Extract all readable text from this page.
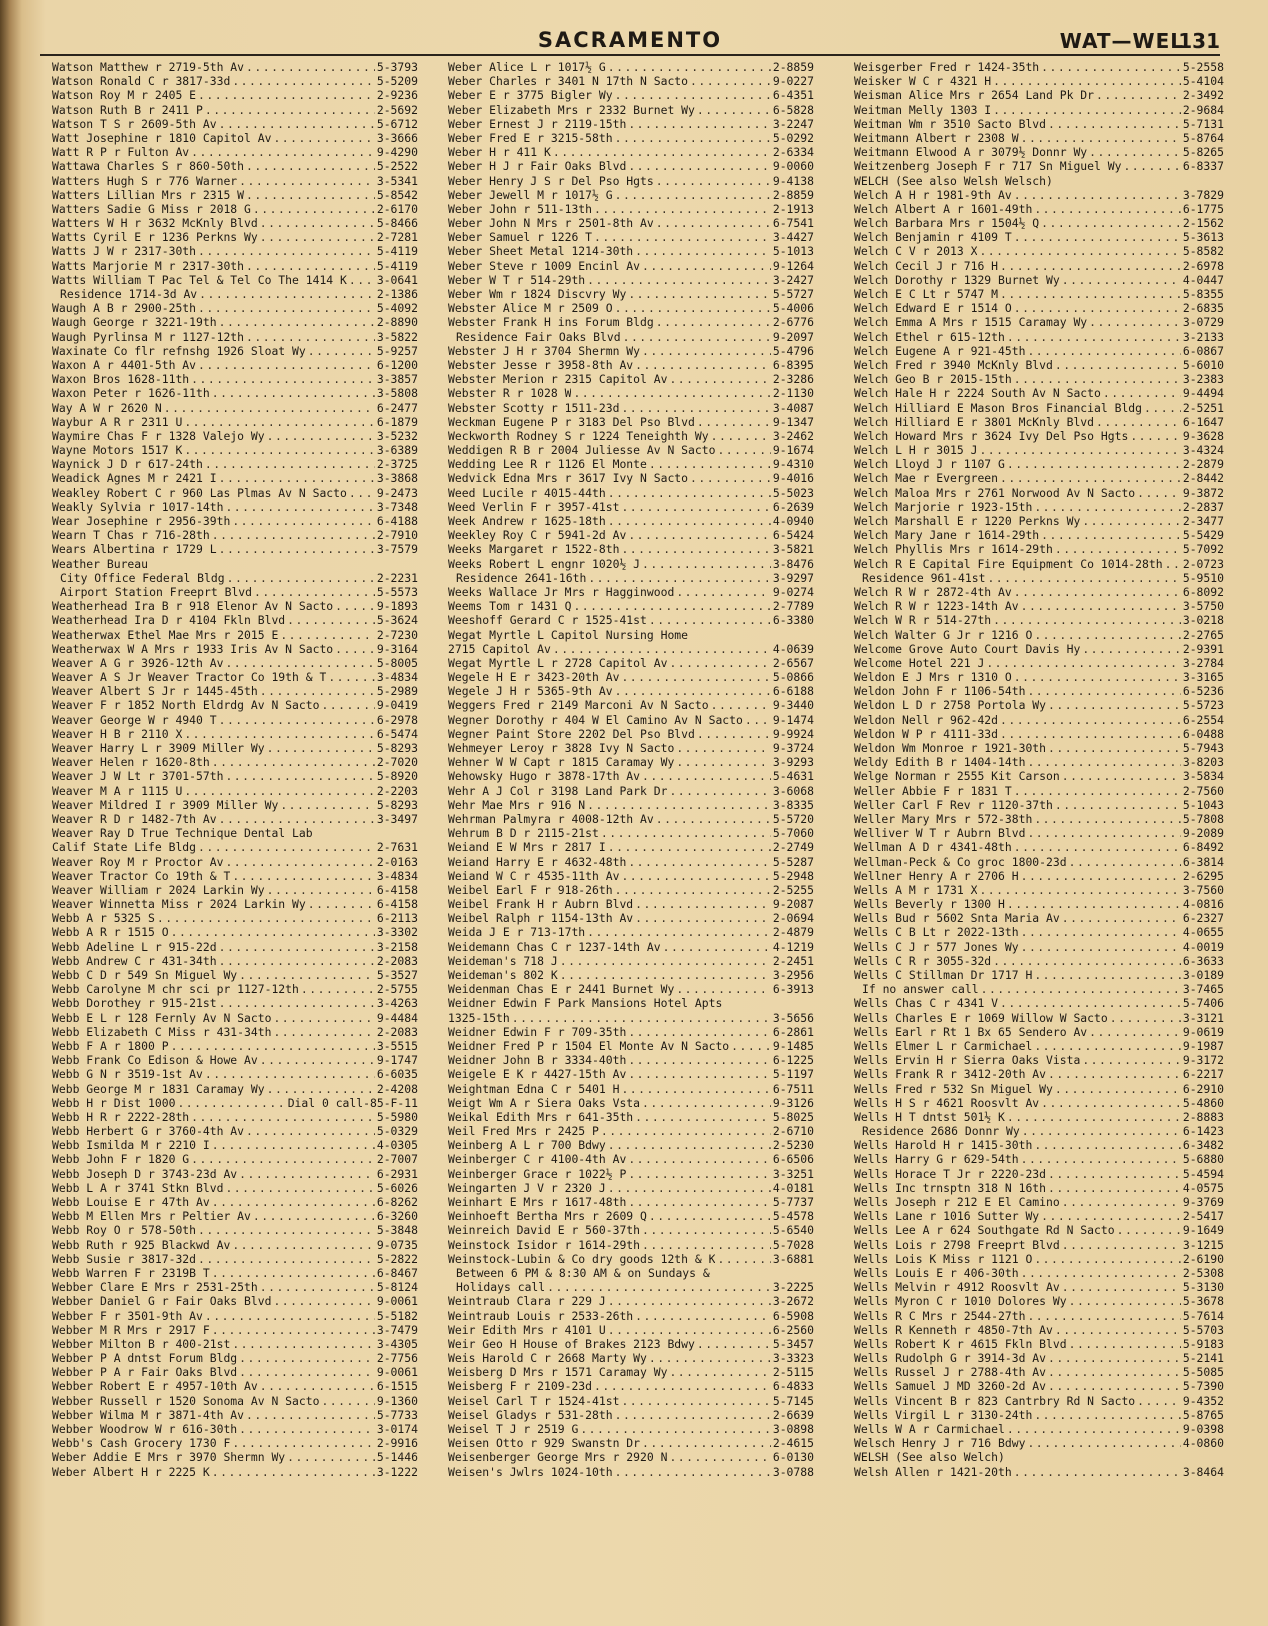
SACRAMENTO	WAT—WEL
131
Watson Matthew r 2719-5th Av .....	5-3793
Watson Ronald C r 3817-33d .....	5-5209
Watson Roy M r 2405 E .....	2-9236
Watson Ruth B r 2411 P .....	2-5692
Watson T S r 2609-5th Av .....	5-6712
Watt Josephine r 1810 Capitol Av .....	3-3666
Watt R P r Fulton Av .....	9-4290
Wattawa Charles S r 860-50th .....	5-2522
Watters Hugh S r 776 Warner .....	3-5341
Watters Lillian Mrs r 2315 W .....	5-8542
Watters Sadie G Miss r 2018 G .....	2-6170
Watters W H r 3632 McKnly Blvd .....	5-8466
Watts Cyril E r 1236 Perkns Wy .....	2-7281
Watts J W r 2317-30th .....	5-4119
Watts Marjorie M r 2317-30th .....	5-4119
Watts William T Pac Tel & Tel Co The 1414 K .....	3-0641
Residence 1714-3d Av .....	2-1386
Waugh A B r 2900-25th .....	5-4092
Waugh George r 3221-19th .....	2-8890
Waugh Pyrlinsa M r 1127-12th .....	3-5822
Waxinate Co flr refnshg 1926 Sloat Wy .....	5-9257
Waxon A r 4401-5th Av .....	6-1200
Waxon Bros 1628-11th .....	3-3857
Waxon Peter r 1626-11th .....	3-5808
Way A W r 2620 N .....	6-2477
Waybur A R r 2311 U .....	6-1879
Waymire Chas F r 1328 Valejo Wy .....	3-5232
Wayne Motors 1517 K .....	3-6389
Waynick J D r 617-24th .....	2-3725
Weadick Agnes M r 2421 I .....	3-3868
Weakley Robert C r 960 Las Plmas Av N Sacto .....	9-2473
Weakly Sylvia r 1017-14th .....	3-7348
Wear Josephine r 2956-39th .....	6-4188
Wearn T Chas r 716-28th .....	2-7910
Wears Albertina r 1729 L .....	3-7579
Weather Bureau
City Office Federal Bldg .....	2-2231
Airport Station Freeprt Blvd .....	5-5573
Weatherhead Ira B r 918 Elenor Av N Sacto .....	9-1893
Weatherhead Ira D r 4104 Fkln Blvd .....	5-3624
Weatherwax Ethel Mae Mrs r 2015 E .....	2-7230
Weatherwax W A Mrs r 1933 Iris Av N Sacto .....	9-3164
Weaver A G r 3926-12th Av .....	5-8005
Weaver A S Jr Weaver Tractor Co 19th & T .....	3-4834
Weaver Albert S Jr r 1445-45th .....	5-2989
Weaver F r 1852 North Eldrdg Av N Sacto .....	9-0419
Weaver George W r 4940 T .....	6-2978
Weaver H B r 2110 X .....	6-5474
Weaver Harry L r 3909 Miller Wy .....	5-8293
Weaver Helen r 1620-8th .....	2-7020
Weaver J W Lt r 3701-57th .....	5-8920
Weaver M A r 1115 U .....	2-2203
Weaver Mildred I r 3909 Miller Wy .....	5-8293
Weaver R D r 1482-7th Av .....	3-3497
Weaver Ray D True Technique Dental Lab
Calif State Life Bldg .....	2-7631
Weaver Roy M r Proctor Av .....	2-0163
Weaver Tractor Co 19th & T .....	3-4834
Weaver William r 2024 Larkin Wy .....	6-4158
Weaver Winnetta Miss r 2024 Larkin Wy .....	6-4158
Webb A r 5325 S .....	6-2113
Webb A R r 1515 O .....	3-3302
Webb Adeline L r 915-22d .....	3-2158
Webb Andrew C r 431-34th .....	2-2083
Webb C D r 549 Sn Miguel Wy .....	5-3527
Webb Carolyne M chr sci pr 1127-12th .....	2-5755
Webb Dorothey r 915-21st .....	3-4263
Webb E L r 128 Fernly Av N Sacto .....	9-4484
Webb Elizabeth C Miss r 431-34th .....	2-2083
Webb F A r 1800 P .....	3-5515
Webb Frank Co Edison & Howe Av .....	9-1747
Webb G N r 3519-1st Av .....	6-6035
Webb George M r 1831 Caramay Wy .....	2-4208
Webb H r Dist 1000 .....	Dial 0 call-85-F-11
Webb H R r 2222-28th .....	5-5980
Webb Herbert G r 3760-4th Av .....	5-0329
Webb Ismilda M r 2210 I .....	4-0305
Webb John F r 1820 G .....	2-7007
Webb Joseph D r 3743-23d Av .....	6-2931
Webb L A r 3741 Stkn Blvd .....	5-6026
Webb Louise E r 47th Av .....	6-8262
Webb M Ellen Mrs r Peltier Av .....	6-3260
Webb Roy O r 578-50th .....	5-3848
Webb Ruth r 925 Blackwd Av .....	9-0735
Webb Susie r 3817-32d .....	5-2822
Webb Warren F r 2319B T .....	6-8467
Webber Clare E Mrs r 2531-25th .....	5-8124
Webber Daniel G r Fair Oaks Blvd .....	9-0061
Webber F r 3501-9th Av .....	5-5182
Webber M R Mrs r 2917 F .....	3-7479
Webber Milton B r 400-21st .....	3-4305
Webber P A dntst Forum Bldg .....	2-7756
Webber P A r Fair Oaks Blvd .....	9-0061
Webber Robert E r 4957-10th Av .....	6-1515
Webber Russell r 1520 Sonoma Av N Sacto .....	9-1360
Webber Wilma M r 3871-4th Av .....	5-7733
Webber Woodrow W r 616-30th .....	3-0174
Webb's Cash Grocery 1730 F .....	2-9916
Weber Addie E Mrs r 3970 Shermn Wy .....	5-1446
Weber Albert H r 2225 K .....	3-1222
Weber Alice L r 1017½ G .....	2-8859
Weber Charles r 3401 N 17th N Sacto .....	9-0227
Weber E r 3775 Bigler Wy .....	6-4351
Weber Elizabeth Mrs r 2332 Burnet Wy .....	6-5828
Weber Ernest J r 2119-15th .....	3-2247
Weber Fred E r 3215-58th .....	5-0292
Weber H r 411 K .....	2-6334
Weber H J r Fair Oaks Blvd .....	9-0060
Weber Henry J S r Del Pso Hgts .....	9-4138
Weber Jewell M r 1017½ G .....	2-8859
Weber John r 511-13th .....	2-1913
Weber John N Mrs r 2501-8th Av .....	6-7541
Weber Samuel r 1226 T .....	3-4427
Weber Sheet Metal 1214-30th .....	5-1013
Weber Steve r 1009 Encinl Av .....	9-1264
Weber W T r 514-29th .....	3-2427
Weber Wm r 1824 Discvry Wy .....	5-5727
Webster Alice M r 2509 O .....	5-4006
Webster Frank H ins Forum Bldg .....	2-6776
Residence Fair Oaks Blvd .....	9-2097
Webster J H r 3704 Shermn Wy .....	5-4796
Webster Jesse r 3958-8th Av .....	6-8395
Webster Merion r 2315 Capitol Av .....	2-3286
Webster R r 1028 W .....	2-1130
Webster Scotty r 1511-23d .....	3-4087
Weckman Eugene P r 3183 Del Pso Blvd .....	9-1347
Weckworth Rodney S r 1224 Teneighth Wy .....	3-2462
Weddigen R B r 2004 Juliesse Av N Sacto .....	9-1674
Wedding Lee R r 1126 El Monte .....	9-4310
Wedvick Edna Mrs r 3617 Ivy N Sacto .....	9-4016
Weed Lucile r 4015-44th .....	5-5023
Weed Verlin F r 3957-41st .....	6-2639
Week Andrew r 1625-18th .....	4-0940
Weekley Roy C r 5941-2d Av .....	6-5424
Weeks Margaret r 1522-8th .....	3-5821
Weeks Robert L engnr 1020½ J .....	3-8476
Residence 2641-16th .....	3-9297
Weeks Wallace Jr Mrs r Hagginwood .....	9-0274
Weems Tom r 1431 Q .....	2-7789
Weeshoff Gerard C r 1525-41st .....	6-3380
Wegat Myrtle L Capitol Nursing Home
2715 Capitol Av .....	4-0639
Wegat Myrtle L r 2728 Capitol Av .....	2-6567
Wegele H E r 3423-20th Av .....	5-0866
Wegele J H r 5365-9th Av .....	6-6188
Weggers Fred r 2149 Marconi Av N Sacto .....	9-3440
Wegner Dorothy r 404 W El Camino Av N Sacto .....	9-1474
Wegner Paint Store 2202 Del Pso Blvd .....	9-9924
Wehmeyer Leroy r 3828 Ivy N Sacto .....	9-3724
Wehner W W Capt r 1815 Caramay Wy .....	3-9293
Wehowsky Hugo r 3878-17th Av .....	5-4631
Wehr A J Col r 3198 Land Park Dr .....	3-6068
Wehr Mae Mrs r 916 N .....	3-8335
Wehrman Palmyra r 4008-12th Av .....	5-5720
Wehrum B D r 2115-21st .....	5-7060
Weiand E W Mrs r 2817 I .....	2-2749
Weiand Harry E r 4632-48th .....	5-5287
Weiand W C r 4535-11th Av .....	5-2948
Weibel Earl F r 918-26th .....	2-5255
Weibel Frank H r Aubrn Blvd .....	9-2087
Weibel Ralph r 1154-13th Av .....	2-0694
Weida J E r 713-17th .....	2-4879
Weidemann Chas C r 1237-14th Av .....	4-1219
Weideman's 718 J .....	2-2451
Weideman's 802 K .....	3-2956
Weidenman Chas E r 2441 Burnet Wy .....	6-3913
Weidner Edwin F Park Mansions Hotel Apts
1325-15th .....	3-5656
Weidner Edwin F r 709-35th .....	6-2861
Weidner Fred P r 1504 El Monte Av N Sacto .....	9-1485
Weidner John B r 3334-40th .....	6-1225
Weigele E K r 4427-15th Av .....	5-1197
Weightman Edna C r 5401 H .....	6-7511
Weigt Wm A r Siera Oaks Vsta .....	9-3126
Weikal Edith Mrs r 641-35th .....	5-8025
Weil Fred Mrs r 2425 P .....	2-6710
Weinberg A L r 700 Bdwy .....	2-5230
Weinberger C r 4100-4th Av .....	6-6506
Weinberger Grace r 1022½ P .....	3-3251
Weingarten J V r 2320 J .....	4-0181
Weinhart E Mrs r 1617-48th .....	5-7737
Weinhoeft Bertha Mrs r 2609 Q .....	5-4578
Weinreich David E r 560-37th .....	5-6540
Weinstock Isidor r 1614-29th .....	5-7028
Weinstock-Lubin & Co dry goods 12th & K .....	3-6881
Between 6 PM & 8:30 AM & on Sundays &
Holidays call .....	3-2225
Weintraub Clara r 229 J .....	3-2672
Weintraub Louis r 2533-26th .....	6-5908
Weir Edith Mrs r 4101 U .....	6-2560
Weir Geo H House of Brakes 2123 Bdwy .....	5-3457
Weis Harold C r 2668 Marty Wy .....	3-3323
Weisberg D Mrs r 1571 Caramay Wy .....	2-5115
Weisberg F r 2109-23d .....	6-4833
Weisel Carl T r 1524-41st .....	5-7145
Weisel Gladys r 531-28th .....	2-6639
Weisel T J r 2519 G .....	3-0898
Weisen Otto r 929 Swanstn Dr .....	2-4615
Weisenberger George Mrs r 2920 N .....	6-0130
Weisen's Jwlrs 1024-10th .....	3-0788
Weisgerber Fred r 1424-35th .....	5-2558
Weisker W C r 4321 H .....	5-4104
Weisman Alice Mrs r 2654 Land Pk Dr .....	2-3492
Weitman Melly 1303 I .....	2-9684
Weitman Wm r 3510 Sacto Blvd .....	5-7131
Weitmann Albert r 2308 W .....	5-8764
Weitmann Elwood A r 3079½ Donnr Wy .....	5-8265
Weitzenberg Joseph F r 717 Sn Miguel Wy .....	6-8337
WELCH (See also Welsh Welsch)
Welch A H r 1981-9th Av .....	3-7829
Welch Albert A r 1601-49th .....	6-1775
Welch Barbara Mrs r 1504½ Q .....	2-1562
Welch Benjamin r 4109 T .....	5-3613
Welch C V r 2013 X .....	5-8582
Welch Cecil J r 716 H .....	2-6978
Welch Dorothy r 1329 Burnet Wy .....	4-0447
Welch E C Lt r 5747 M .....	5-8355
Welch Edward E r 1514 O .....	2-6835
Welch Emma A Mrs r 1515 Caramay Wy .....	3-0729
Welch Ethel r 615-12th .....	3-2133
Welch Eugene A r 921-45th .....	6-0867
Welch Fred r 3940 McKnly Blvd .....	5-6010
Welch Geo B r 2015-15th .....	3-2383
Welch Hale H r 2224 South Av N Sacto .....	9-4494
Welch Hilliard E Mason Bros Financial Bldg .....	2-5251
Welch Hilliard E r 3801 McKnly Blvd .....	6-1647
Welch Howard Mrs r 3624 Ivy Del Pso Hgts .....	9-3628
Welch L H r 3015 J .....	3-4324
Welch Lloyd J r 1107 G .....	2-2879
Welch Mae r Evergreen .....	2-8442
Welch Maloa Mrs r 2761 Norwood Av N Sacto .....	9-3872
Welch Marjorie r 1923-15th .....	2-2837
Welch Marshall E r 1220 Perkns Wy .....	2-3477
Welch Mary Jane r 1614-29th .....	5-5429
Welch Phyllis Mrs r 1614-29th .....	5-7092
Welch R E Capital Fire Equipment Co 1014-28th ..... 2-0723
Residence 961-41st .....	5-9510
Welch R W r 2872-4th Av .....	6-8092
Welch R W r 1223-14th Av .....	3-5750
Welch W R r 514-27th .....	3-0218
Welch Walter G Jr r 1216 O .....	2-2765
Welcome Grove Auto Court Davis Hy .....	2-9391
Welcome Hotel 221 J .....	3-2784
Weldon E J Mrs r 1310 O .....	3-3165
Weldon John F r 1106-54th .....	6-5236
Weldon L D r 2758 Portola Wy .....	5-5723
Weldon Nell r 962-42d .....	6-2554
Weldon W P r 4111-33d .....	6-0488
Weldon Wm Monroe r 1921-30th .....	5-7943
Weldy Edith B r 1404-14th .....	3-8203
Welge Norman r 2555 Kit Carson .....	3-5834
Weller Abbie F r 1831 T .....	2-7560
Weller Carl F Rev r 1120-37th .....	5-1043
Weller Mary Mrs r 572-38th .....	5-7808
Welliver W T r Aubrn Blvd .....	9-2089
Wellman A D r 4341-48th .....	6-8492
Wellman-Peck & Co groc 1800-23d .....	6-3814
Wellner Henry A r 2706 H .....	2-6295
Wells A M r 1731 X .....	3-7560
Wells Beverly r 1300 H .....	4-0816
Wells Bud r 5602 Snta Maria Av .....	6-2327
Wells C B Lt r 2022-13th .....	4-0655
Wells C J r 577 Jones Wy .....	4-0019
Wells C R r 3055-32d .....	6-3633
Wells C Stillman Dr 1717 H .....	3-0189
If no answer call .....	3-7465
Wells Chas C r 4341 V .....	5-7406
Wells Charles E r 1069 Willow W Sacto .....	3-3121
Wells Earl r Rt 1 Bx 65 Sendero Av .....	9-0619
Wells Elmer L r Carmichael .....	9-1987
Wells Ervin H r Sierra Oaks Vista .....	9-3172
Wells Frank R r 3412-20th Av .....	6-2217
Wells Fred r 532 Sn Miguel Wy .....	6-2910
Wells H S r 4621 Roosvlt Av .....	5-4860
Wells H T dntst 501½ K .....	2-8883
Residence 2686 Donnr Wy .....	6-1423
Wells Harold H r 1415-30th .....	6-3482
Wells Harry G r 629-54th .....	5-6880
Wells Horace T Jr r 2220-23d .....	5-4594
Wells Inc trnsptn 318 N 16th .....	4-0575
Wells Joseph r 212 E El Camino .....	9-3769
Wells Lane r 1016 Sutter Wy .....	2-5417
Wells Lee A r 624 Southgate Rd N Sacto .....	9-1649
Wells Lois r 2798 Freeprt Blvd .....	3-1215
Wells Lois K Miss r 1121 O .....	2-6190
Wells Louis E r 406-30th .....	2-5308
Wells Melvin r 4912 Roosvlt Av .....	5-3130
Wells Myron C r 1010 Dolores Wy .....	5-3678
Wells R C Mrs r 2544-27th .....	5-7614
Wells R Kenneth r 4850-7th Av .....	5-5703
Wells Robert K r 4615 Fkln Blvd .....	5-9183
Wells Rudolph G r 3914-3d Av .....	5-2141
Wells Russel J r 2788-4th Av .....	5-5085
Wells Samuel J MD 3260-2d Av .....	5-7390
Wells Vincent B r 823 Cantrbry Rd N Sacto .....	9-4352
Wells Virgil L r 3130-24th .....	5-8765
Wells W A r Carmichael .....	9-0398
Welsch Henry J r 716 Bdwy .....	4-0860
WELSH (See also Welch)
Welsh Allen r 1421-20th .....	3-8464
